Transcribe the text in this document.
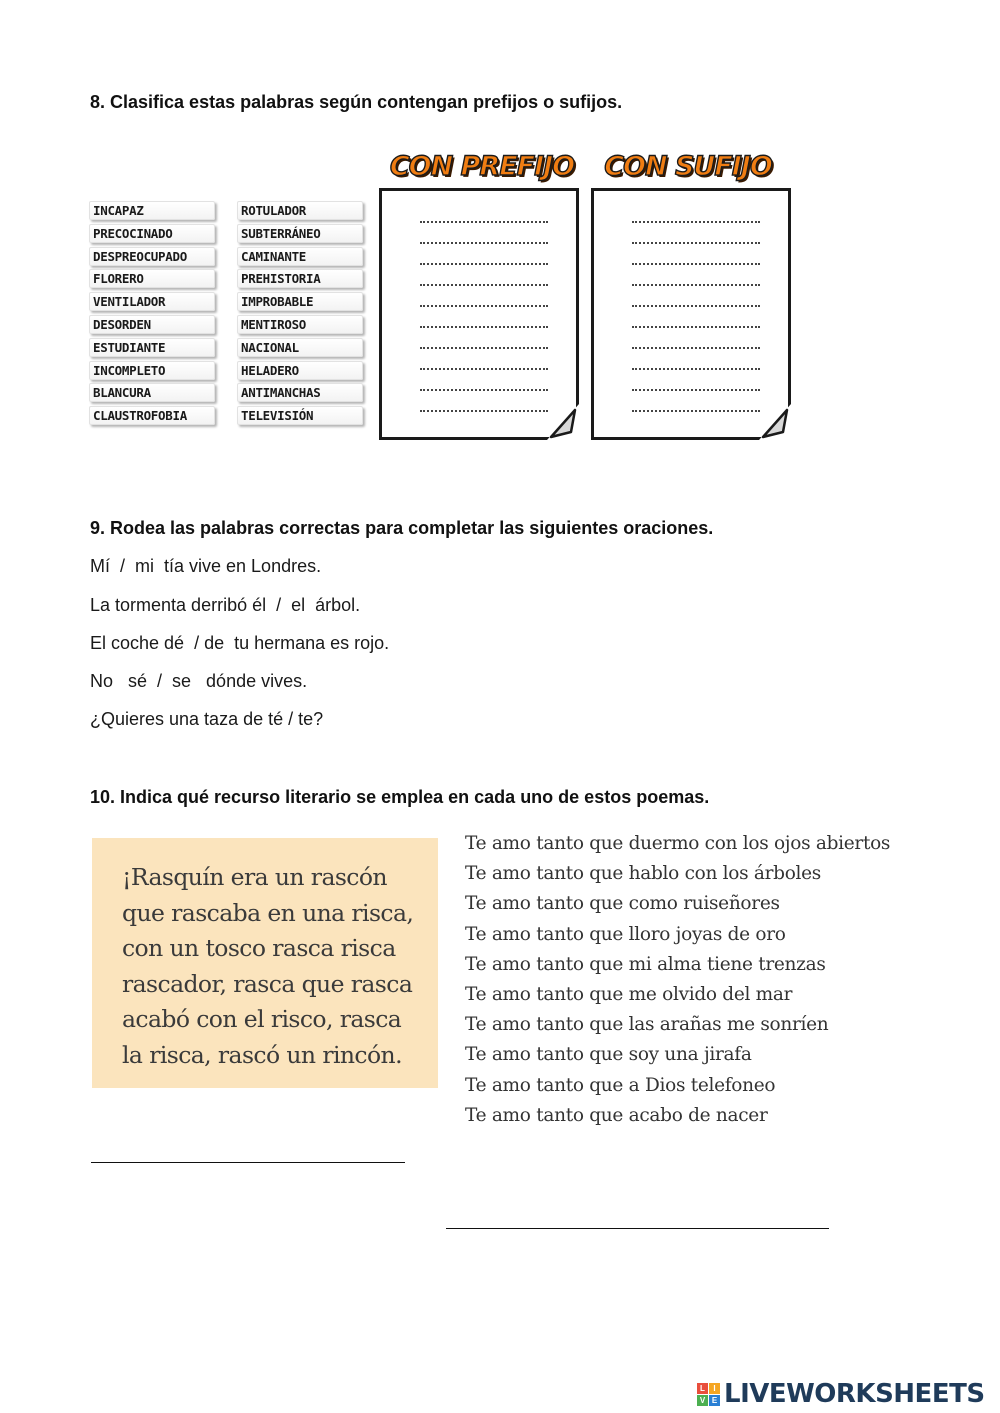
8. Clasifica estas palabras según contengan prefijos o sufijos.
INCAPAZ
PRECOCINADO
DESPREOCUPADO
FLORERO
VENTILADOR
DESORDEN
ESTUDIANTE
INCOMPLETO
BLANCURA
CLAUSTROFOBIA
ROTULADOR
SUBTERRÁNEO
CAMINANTE
PREHISTORIA
IMPROBABLE
MENTIROSO
NACIONAL
HELADERO
ANTIMANCHAS
TELEVISIÓN
CON PREFIJO	CON SUFIJO
9. Rodea las palabras correctas para completar las siguientes oraciones.

Mí  /  mi  tía vive en Londres.

La tormenta derribó él  /  el  árbol.

El coche dé  / de  tu hermana es rojo.

No   sé  /  se   dónde vives.

¿Quieres una taza de té / te?

10. Indica qué recurso literario se emplea en cada uno de estos poemas.
¡Rasquín era un rascón
que rascaba en una risca,
con un tosco rasca risca
rascador, rasca que rasca
acabó con el risco, rasca
la risca, rascó un rincón.
Te amo tanto que duermo con los ojos abiertos
Te amo tanto que hablo con los árboles
Te amo tanto que como ruiseñores
Te amo tanto que lloro joyas de oro
Te amo tanto que mi alma tiene trenzas
Te amo tanto que me olvido del mar
Te amo tanto que las arañas me sonríen
Te amo tanto que soy una jirafa
Te amo tanto que a Dios telefoneo
Te amo tanto que acabo de nacer
L	I
V E LIVEWORKSHEETS
